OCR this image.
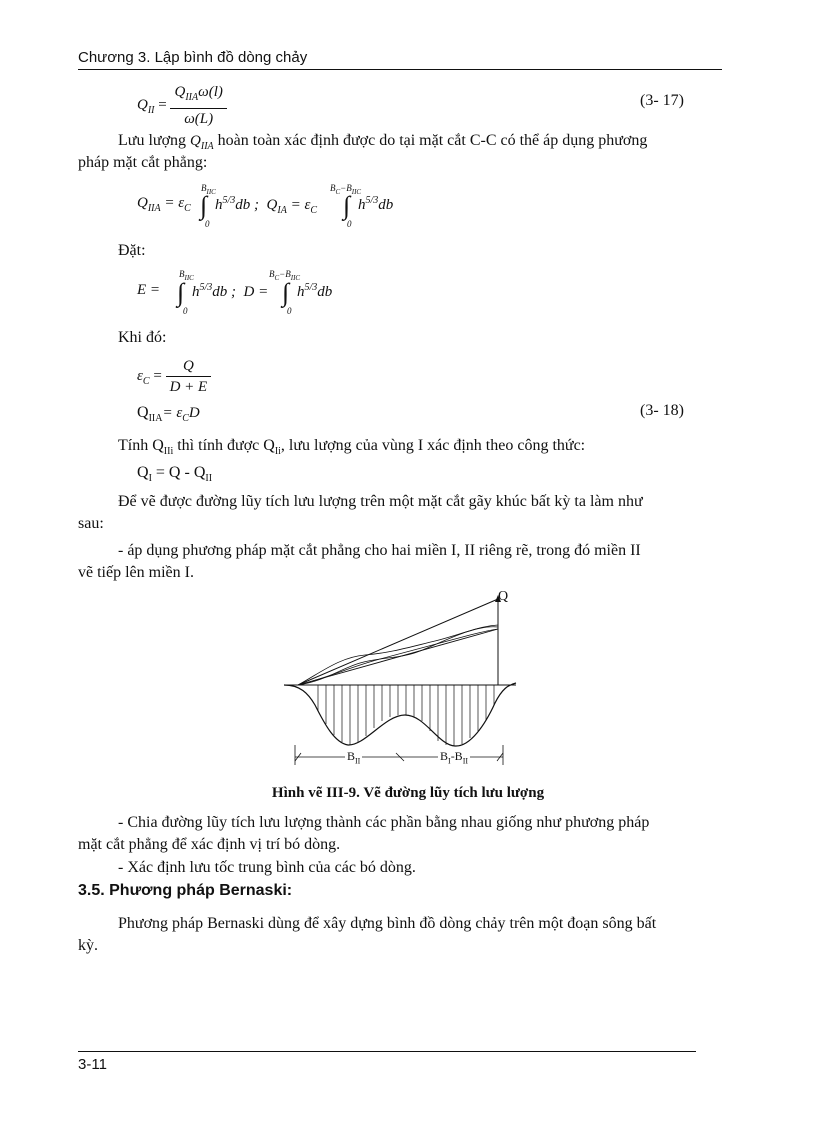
Chương 3. Lập bình đồ dòng chảy
$Q_{II} = \frac{Q_{IIA}\omega(l)}{\omega(L)}$	(3- 17)
Lưu lượng $Q_{IIA}$ hoàn toàn xác định được do tại mặt cắt C-C có thể áp dụng phương
pháp mặt cắt phẳng:
$Q_{IIA} = \varepsilon_C$
$B_{IIC}$
∫
0
$h^{5/3}db$ ; $Q_{IA} = \varepsilon_C$
$B_C-B_{IIC}$
∫
0
$h^{5/3}db$
Đặt:
E =
$B_{IIC}$
∫
0
$h^{5/3}db$ ; D =
$B_C-B_{IIC}$
∫
0
$h^{5/3}db$
Khi đó:
$\varepsilon_C = \frac{Q}{D + E}$
$Q_{IIA}= \varepsilon_CD$	(3- 18)
Tính $Q_{IIi}$ thì tính được $Q_{Ii}$, lưu lượng của vùng I xác định theo công thức:
$Q_I = Q - Q_{II}$
Để vẽ được đường lũy tích lưu lượng trên một mặt cắt gãy khúc bất kỳ ta làm như
sau:
- áp dụng phương pháp mặt cắt phẳng cho hai miền I, II riêng rẽ, trong đó miền II
vẽ tiếp lên miền I.
Q
$B_{II}$	$B_I-B_{II}$
Hình vẽ III-9. Vẽ đường lũy tích lưu lượng
- Chia đường lũy tích lưu lượng thành các phần bằng nhau giống như phương pháp
mặt cắt phẳng để xác định vị trí bó dòng.
- Xác định lưu tốc trung bình của các bó dòng.
3.5. Phương pháp Bernaski:
Phương pháp Bernaski dùng để xây dựng bình đồ dòng chảy trên một đoạn sông bất
kỳ.
3-11
